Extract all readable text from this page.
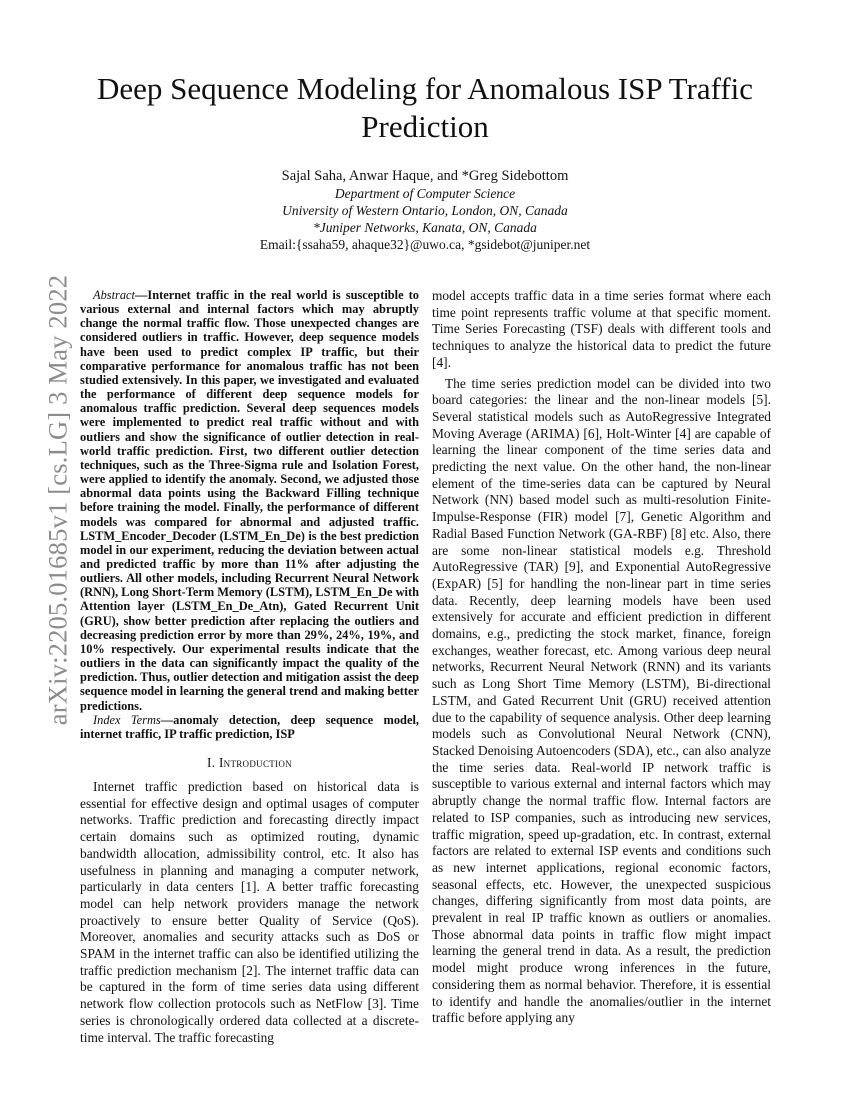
arXiv:2205.01685v1 [cs.LG] 3 May 2022
Deep Sequence Modeling for Anomalous ISP Traffic Prediction
Sajal Saha, Anwar Haque, and *Greg Sidebottom
Department of Computer Science
University of Western Ontario, London, ON, Canada
*Juniper Networks, Kanata, ON, Canada
Email:{ssaha59, ahaque32}@uwo.ca, *gsidebot@juniper.net

Abstract—Internet traffic in the real world is susceptible to various external and internal factors which may abruptly change the normal traffic flow. Those unexpected changes are considered outliers in traffic. However, deep sequence models have been used to predict complex IP traffic, but their comparative performance for anomalous traffic has not been studied extensively. In this paper, we investigated and evaluated the performance of different deep sequence models for anomalous traffic prediction. Several deep sequences models were implemented to predict real traffic without and with outliers and show the significance of outlier detection in real-world traffic prediction. First, two different outlier detection techniques, such as the Three-Sigma rule and Isolation Forest, were applied to identify the anomaly. Second, we adjusted those abnormal data points using the Backward Filling technique before training the model. Finally, the performance of different models was compared for abnormal and adjusted traffic. LSTM_Encoder_Decoder (LSTM_En_De) is the best prediction model in our experiment, reducing the deviation between actual and predicted traffic by more than 11% after adjusting the outliers. All other models, including Recurrent Neural Network (RNN), Long Short-Term Memory (LSTM), LSTM_En_De with Attention layer (LSTM_En_De_Atn), Gated Recurrent Unit (GRU), show better prediction after replacing the outliers and decreasing prediction error by more than 29%, 24%, 19%, and 10% respectively. Our experimental results indicate that the outliers in the data can significantly impact the quality of the prediction. Thus, outlier detection and mitigation assist the deep sequence model in learning the general trend and making better predictions.

Index Terms—anomaly detection, deep sequence model, internet traffic, IP traffic prediction, ISP

I. Introduction

Internet traffic prediction based on historical data is essential for effective design and optimal usages of computer networks. Traffic prediction and forecasting directly impact certain domains such as optimized routing, dynamic bandwidth allocation, admissibility control, etc. It also has usefulness in planning and managing a computer network, particularly in data centers [1]. A better traffic forecasting model can help network providers manage the network proactively to ensure better Quality of Service (QoS). Moreover, anomalies and security attacks such as DoS or SPAM in the internet traffic can also be identified utilizing the traffic prediction mechanism [2]. The internet traffic data can be captured in the form of time series data using different network flow collection protocols such as NetFlow [3]. Time series is chronologically ordered data collected at a discrete-time interval. The traffic forecasting

model accepts traffic data in a time series format where each time point represents traffic volume at that specific moment. Time Series Forecasting (TSF) deals with different tools and techniques to analyze the historical data to predict the future [4].

The time series prediction model can be divided into two board categories: the linear and the non-linear models [5]. Several statistical models such as AutoRegressive Integrated Moving Average (ARIMA) [6], Holt-Winter [4] are capable of learning the linear component of the time series data and predicting the next value. On the other hand, the non-linear element of the time-series data can be captured by Neural Network (NN) based model such as multi-resolution Finite-Impulse-Response (FIR) model [7], Genetic Algorithm and Radial Based Function Network (GA-RBF) [8] etc. Also, there are some non-linear statistical models e.g. Threshold AutoRegressive (TAR) [9], and Exponential AutoRegressive (ExpAR) [5] for handling the non-linear part in time series data. Recently, deep learning models have been used extensively for accurate and efficient prediction in different domains, e.g., predicting the stock market, finance, foreign exchanges, weather forecast, etc. Among various deep neural networks, Recurrent Neural Network (RNN) and its variants such as Long Short Time Memory (LSTM), Bi-directional LSTM, and Gated Recurrent Unit (GRU) received attention due to the capability of sequence analysis. Other deep learning models such as Convolutional Neural Network (CNN), Stacked Denoising Autoencoders (SDA), etc., can also analyze the time series data. Real-world IP network traffic is susceptible to various external and internal factors which may abruptly change the normal traffic flow. Internal factors are related to ISP companies, such as introducing new services, traffic migration, speed up-gradation, etc. In contrast, external factors are related to external ISP events and conditions such as new internet applications, regional economic factors, seasonal effects, etc. However, the unexpected suspicious changes, differing significantly from most data points, are prevalent in real IP traffic known as outliers or anomalies. Those abnormal data points in traffic flow might impact learning the general trend in data. As a result, the prediction model might produce wrong inferences in the future, considering them as normal behavior. Therefore, it is essential to identify and handle the anomalies/outlier in the internet traffic before applying any
